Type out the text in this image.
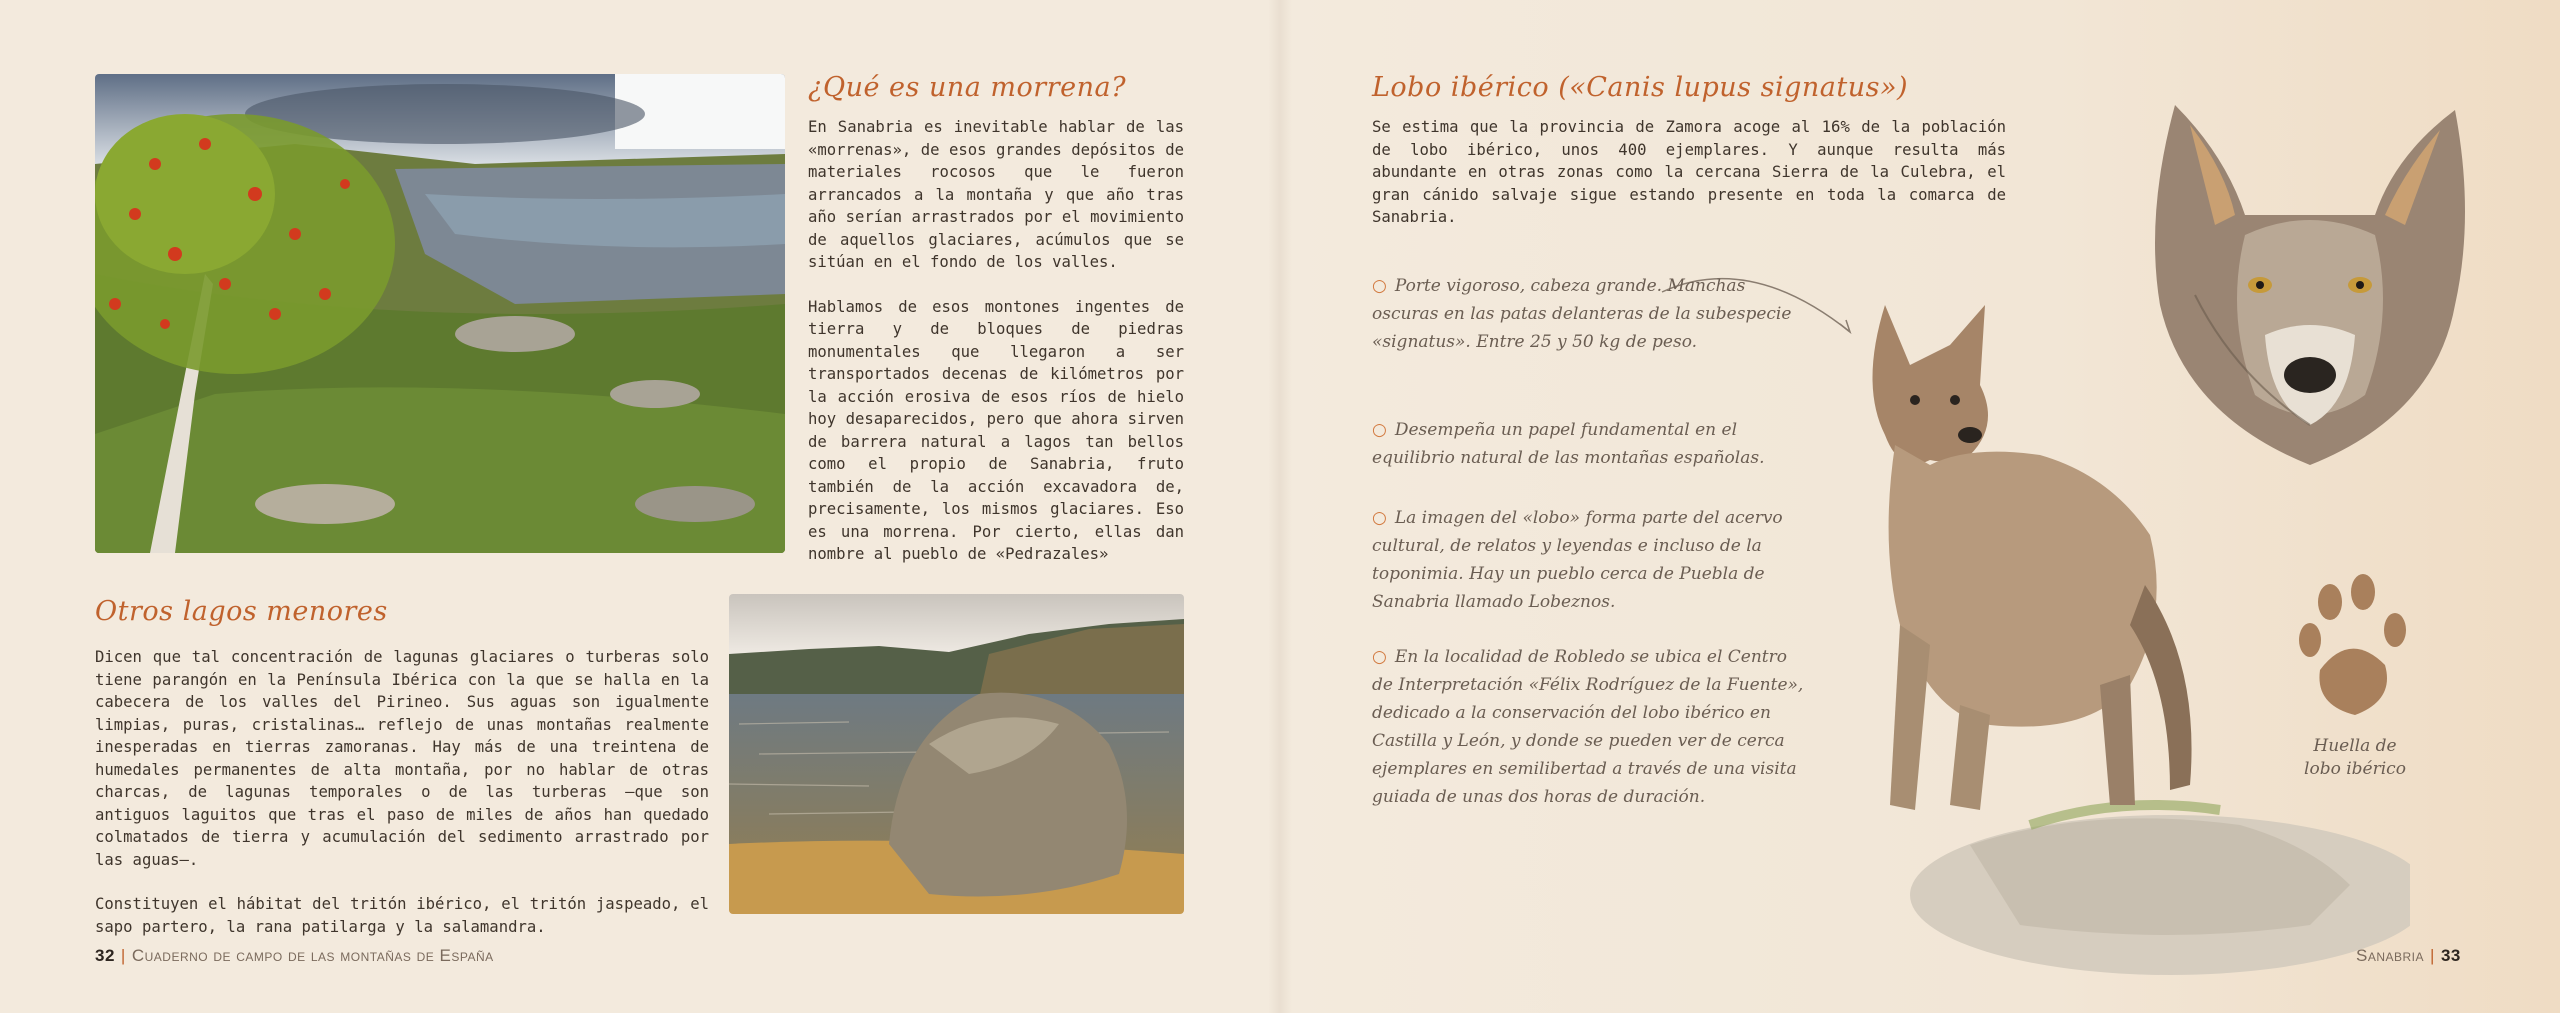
¿Qué es una morrena?

En Sanabria es inevitable hablar de las «morrenas», de esos grandes depósitos de materiales rocosos que le fueron arrancados a la montaña y que año tras año serían arrastrados por el movimiento de aquellos glaciares, acúmulos que se sitúan en el fondo de los valles.

Hablamos de esos montones ingentes de tierra y de bloques de piedras monumentales que llegaron a ser transportados decenas de kilómetros por la acción erosiva de esos ríos de hielo hoy desaparecidos, pero que ahora sirven de barrera natural a lagos tan bellos como el propio de Sanabria, fruto también de la acción excavadora de, precisamente, los mismos glaciares. Eso es una morrena. Por cierto, ellas dan nombre al pueblo de «Pedrazales»

Otros lagos menores

Dicen que tal concentración de lagunas glaciares o turberas solo tiene parangón en la Península Ibérica con la que se halla en la cabecera de los valles del Pirineo. Sus aguas son igualmente limpias, puras, cristalinas… reflejo de unas montañas realmente inesperadas en tierras zamoranas. Hay más de una treintena de humedales permanentes de alta montaña, por no hablar de otras charcas, de lagunas temporales o de las turberas –que son antiguos laguitos que tras el paso de miles de años han quedado colmatados de tierra y acumulación del sedimento arrastrado por las aguas–.

Constituyen el hábitat del tritón ibérico, el tritón jaspeado, el sapo partero, la rana patilarga y la salamandra.

32 | Cuaderno de campo de las montañas de España
Lobo ibérico («Canis lupus signatus»)
Se estima que la provincia de Zamora acoge al 16% de la población de lobo ibérico, unos 400 ejemplares. Y aunque resulta más abundante en otras zonas como la cercana Sierra de la Culebra, el gran cánido salvaje sigue estando presente en toda la comarca de Sanabria.

○ Porte vigoroso, cabeza grande. Manchas oscuras en las patas delanteras de la subespecie «signatus». Entre 25 y 50 kg de peso.

○ Desempeña un papel fundamental en el equilibrio natural de las montañas españolas.

○ La imagen del «lobo» forma parte del acervo cultural, de relatos y leyendas e incluso de la toponimia. Hay un pueblo cerca de Puebla de Sanabria llamado Lobeznos.

○ En la localidad de Robledo se ubica el Centro de Interpretación «Félix Rodríguez de la Fuente», dedicado a la conservación del lobo ibérico en Castilla y León, y donde se pueden ver de cerca ejemplares en semilibertad a través de una visita guiada de unas dos horas de duración.

Huella de lobo ibérico
Sanabria | 33
